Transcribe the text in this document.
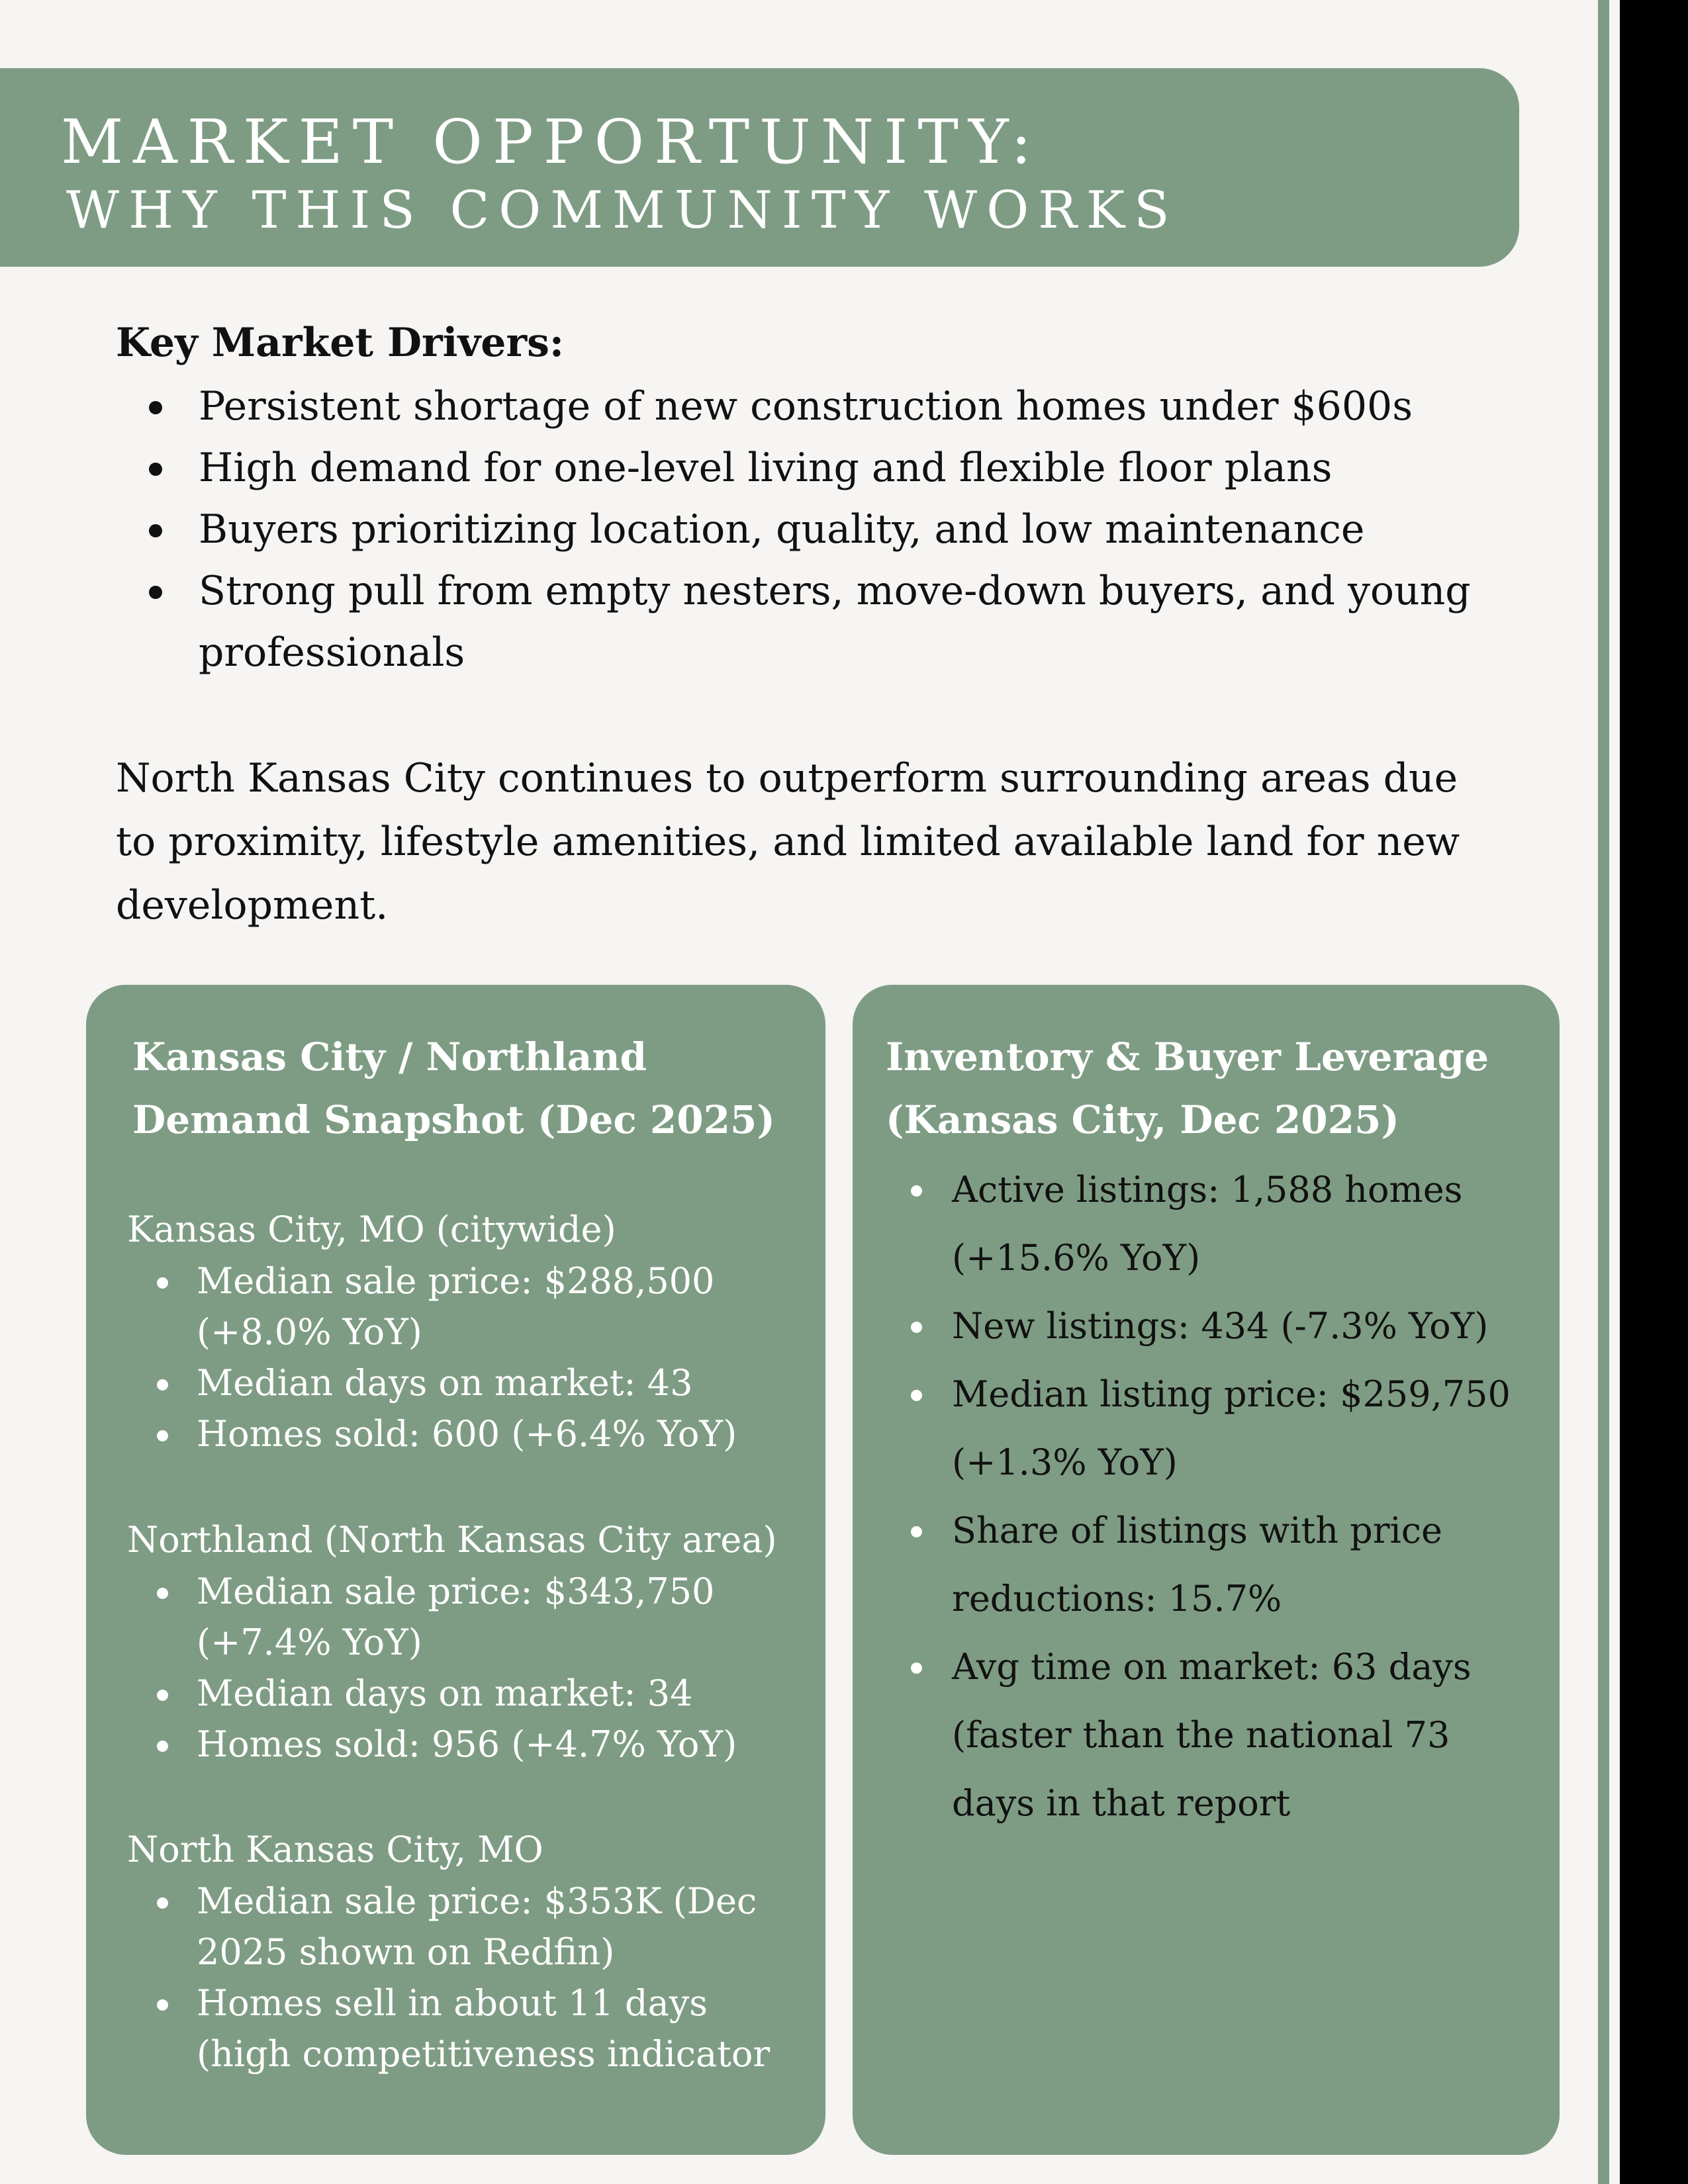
MARKET OPPORTUNITY:
WHY THIS COMMUNITY WORKS
Key Market Drivers:
Persistent shortage of new construction homes under $600s
High demand for one-level living and flexible floor plans
Buyers prioritizing location, quality, and low maintenance
Strong pull from empty nesters, move-down buyers, and young professionals

North Kansas City continues to outperform surrounding areas due to proximity, lifestyle amenities, and limited available land for new development.

Kansas City / Northland
Demand Snapshot (Dec 2025)
Kansas City, MO (citywide)
Median sale price: $288,500 (+8.0% YoY)
Median days on market: 43
Homes sold: 600 (+6.4% YoY)
Northland (North Kansas City area)
Median sale price: $343,750 (+7.4% YoY)
Median days on market: 34
Homes sold: 956 (+4.7% YoY)
North Kansas City, MO
Median sale price: $353K (Dec 2025 shown on Redfin)
Homes sell in about 11 days (high competitiveness indicator
Inventory & Buyer Leverage
(Kansas City, Dec 2025)
Active listings: 1,588 homes (+15.6% YoY)
New listings: 434 (-7.3% YoY)
Median listing price: $259,750 (+1.3% YoY)
Share of listings with price reductions: 15.7%
Avg time on market: 63 days (faster than the national 73 days in that report
